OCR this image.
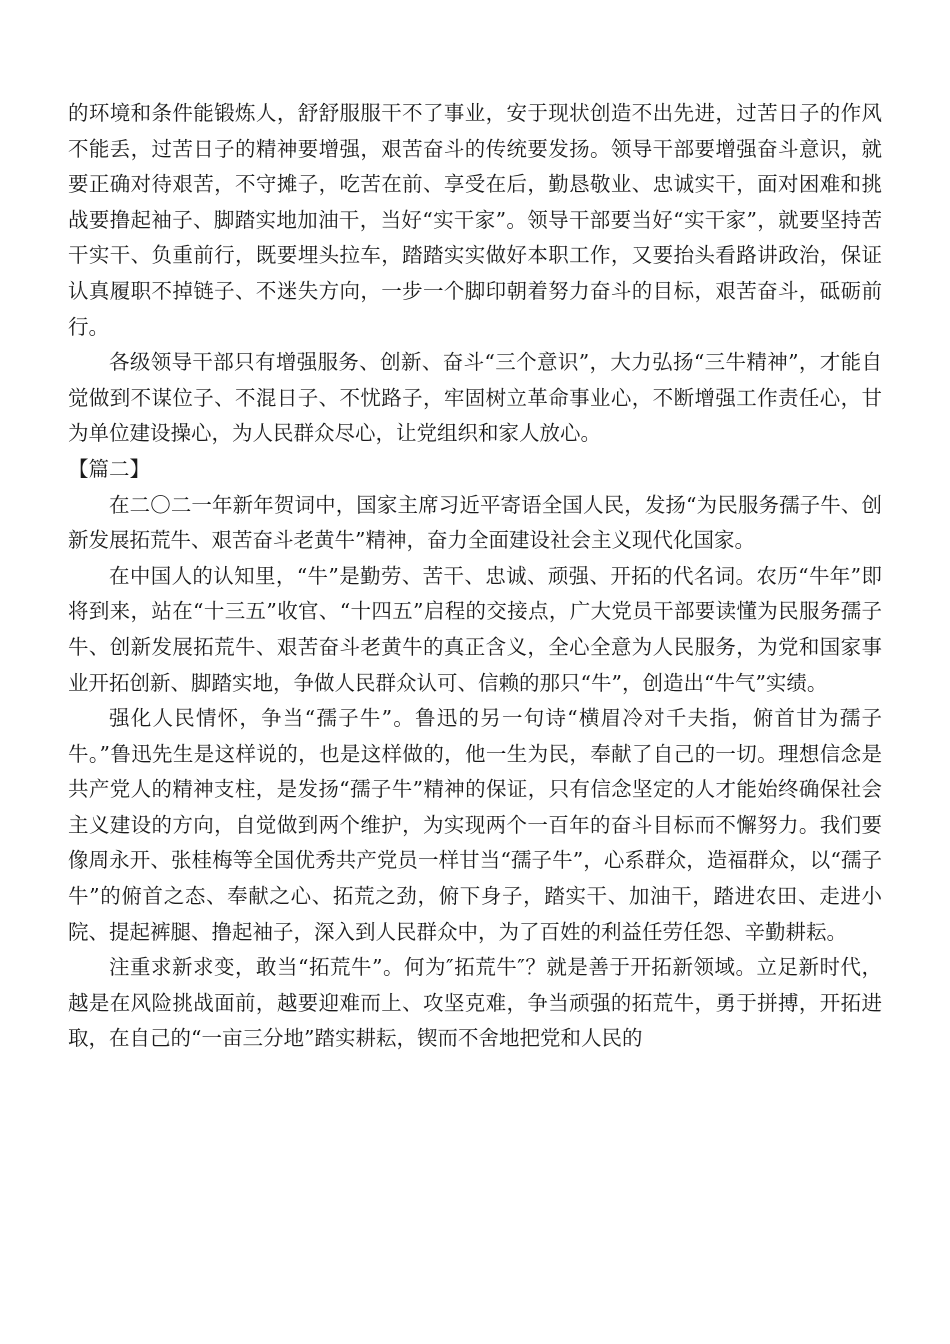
的环境和条件能锻炼人，舒舒服服干不了事业，安于现状创造不出先进，过苦日子的作风不能丢，过苦日子的精神要增强，艰苦奋斗的传统要发扬。领导干部要增强奋斗意识，就要正确对待艰苦，不守摊子，吃苦在前、享受在后，勤恳敬业、忠诚实干，面对困难和挑战要撸起袖子、脚踏实地加油干，当好“实干家”。领导干部要当好“实干家”，就要坚持苦干实干、负重前行，既要埋头拉车，踏踏实实做好本职工作，又要抬头看路讲政治，保证认真履职不掉链子、不迷失方向，一步一个脚印朝着努力奋斗的目标，艰苦奋斗，砥砺前行。

各级领导干部只有增强服务、创新、奋斗“三个意识”，大力弘扬“三牛精神”，才能自觉做到不谋位子、不混日子、不忧路子，牢固树立革命事业心，不断增强工作责任心，甘为单位建设操心，为人民群众尽心，让党组织和家人放心。

【篇二】

在二〇二一年新年贺词中，国家主席习近平寄语全国人民，发扬“为民服务孺子牛、创新发展拓荒牛、艰苦奋斗老黄牛”精神，奋力全面建设社会主义现代化国家。

在中国人的认知里，“牛”是勤劳、苦干、忠诚、顽强、开拓的代名词。农历“牛年”即将到来，站在“十三五”收官、“十四五”启程的交接点，广大党员干部要读懂为民服务孺子牛、创新发展拓荒牛、艰苦奋斗老黄牛的真正含义，全心全意为人民服务，为党和国家事业开拓创新、脚踏实地，争做人民群众认可、信赖的那只“牛”，创造出“牛气”实绩。

强化人民情怀，争当“孺子牛”。鲁迅的另一句诗“横眉冷对千夫指，俯首甘为孺子牛。”鲁迅先生是这样说的，也是这样做的，他一生为民，奉献了自己的一切。理想信念是共产党人的精神支柱，是发扬“孺子牛”精神的保证，只有信念坚定的人才能始终确保社会主义建设的方向，自觉做到两个维护，为实现两个一百年的奋斗目标而不懈努力。我们要像周永开、张桂梅等全国优秀共产党员一样甘当“孺子牛”，心系群众，造福群众，以“孺子牛”的俯首之态、奉献之心、拓荒之劲，俯下身子，踏实干、加油干，踏进农田、走进小院、提起裤腿、撸起袖子，深入到人民群众中，为了百姓的利益任劳任怨、辛勤耕耘。

注重求新求变，敢当“拓荒牛”。何为″拓荒牛″？就是善于开拓新领域。立足新时代，越是在风险挑战面前，越要迎难而上、攻坚克难，争当顽强的拓荒牛，勇于拼搏，开拓进取，在自己的“一亩三分地”踏实耕耘，锲而不舍地把党和人民的
